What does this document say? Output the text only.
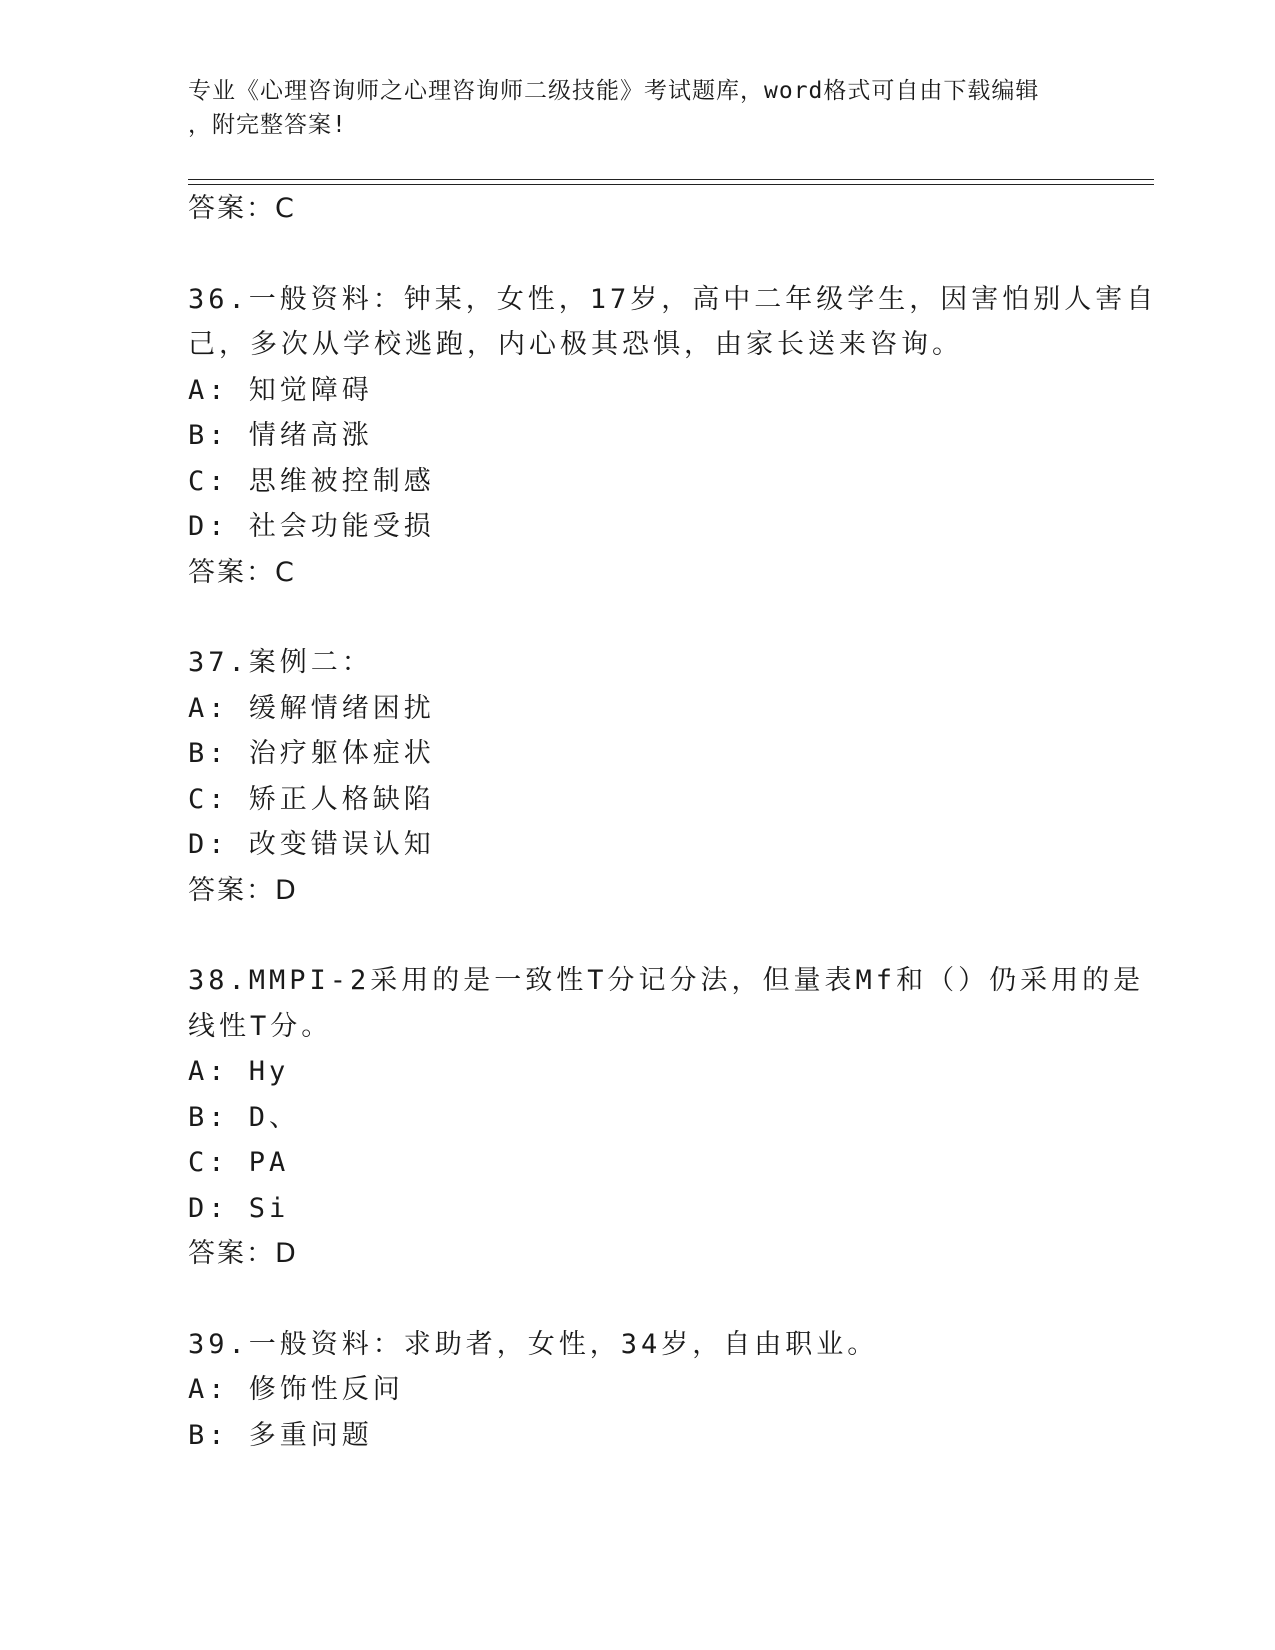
专业《心理咨询师之心理咨询师二级技能》考试题库，word格式可自由下载编辑
，附完整答案!
答案：C
36.一般资料：钟某，女性，17岁，高中二年级学生，因害怕别人害自
己，多次从学校逃跑，内心极其恐惧，由家长送来咨询。
A: 知觉障碍
B: 情绪高涨
C: 思维被控制感
D: 社会功能受损
答案：C
37.案例二：
A: 缓解情绪困扰
B: 治疗躯体症状
C: 矫正人格缺陷
D: 改变错误认知
答案：D
38.MMPI-2采用的是一致性T分记分法，但量表Mf和（）仍采用的是
线性T分。
A: Hy
B: D、
C: PA
D: Si
答案：D
39.一般资料：求助者，女性，34岁，自由职业。
A: 修饰性反问
B: 多重问题
